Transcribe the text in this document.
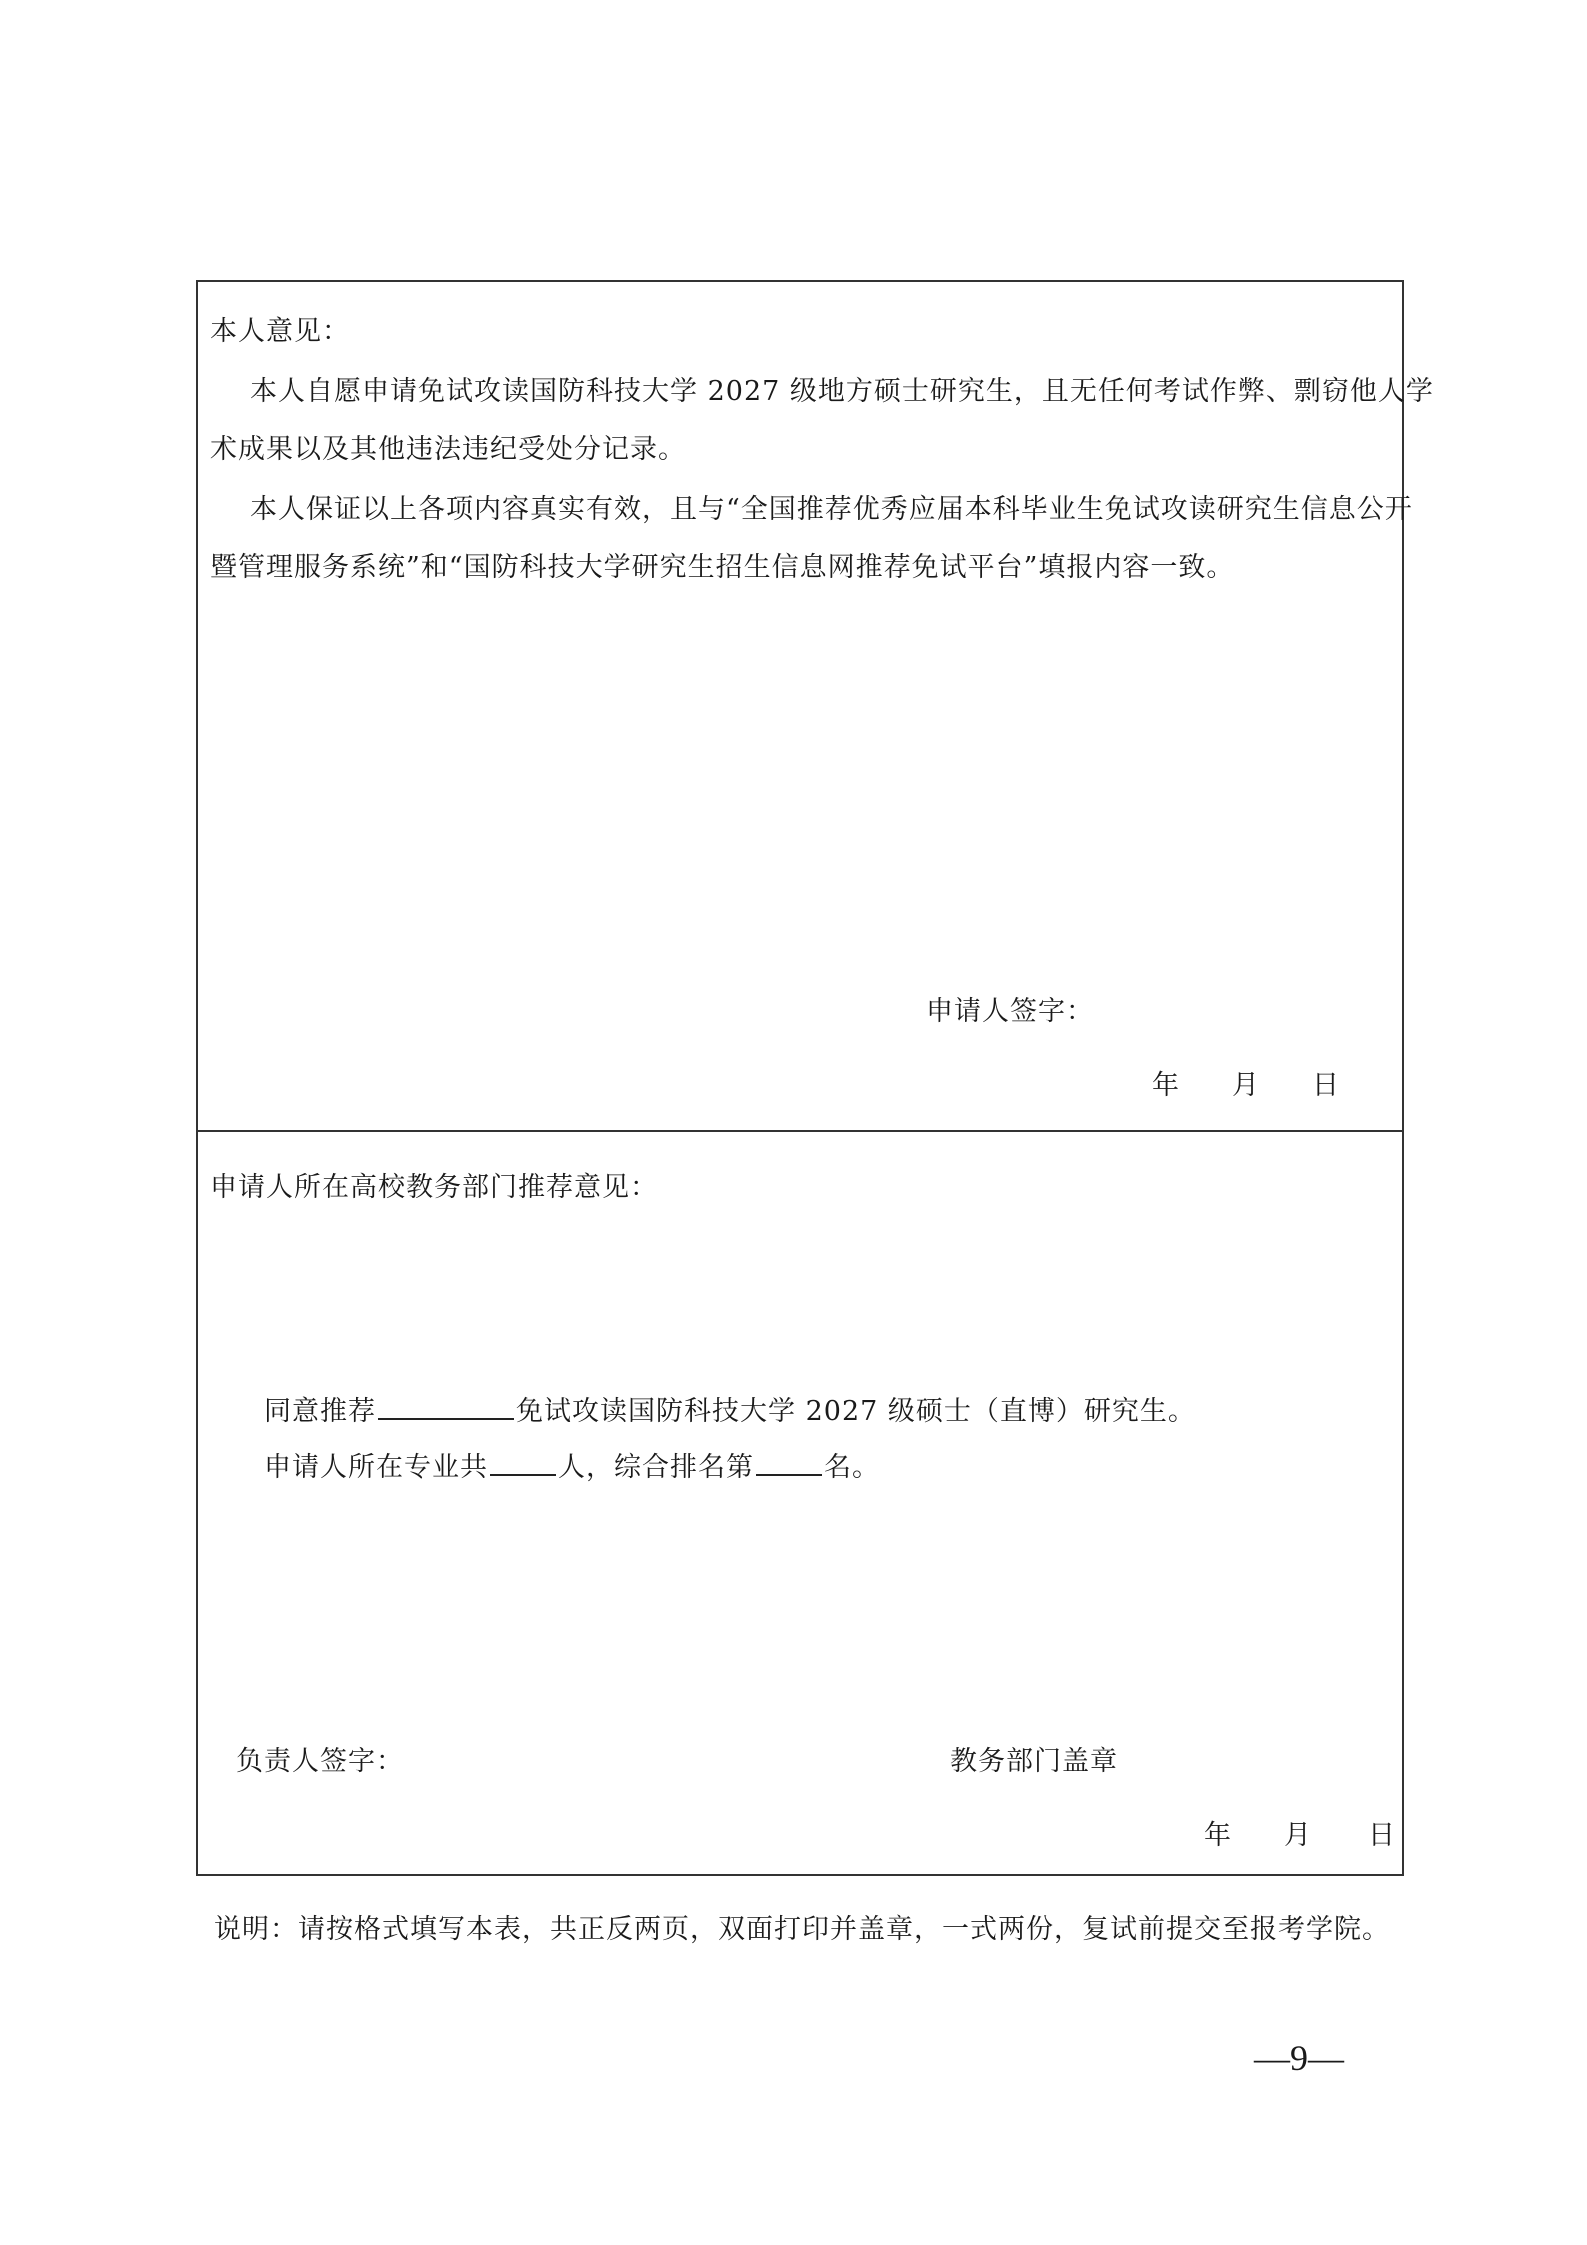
本人意见：
本人自愿申请免试攻读国防科技大学 2027 级地方硕士研究生，且无任何考试作弊、剽窃他人学
术成果以及其他违法违纪受处分记录。
本人保证以上各项内容真实有效，且与“全国推荐优秀应届本科毕业生免试攻读研究生信息公开
暨管理服务系统”和“国防科技大学研究生招生信息网推荐免试平台”填报内容一致。
申请人签字：
年 月 日
申请人所在高校教务部门推荐意见：
同意推荐	免试攻读国防科技大学 2027 级硕士（直博）研究生。
申请人所在专业共	人，综合排名第	名。
负责人签字：	教务部门盖章
年 月 日
说明：请按格式填写本表，共正反两页，双面打印并盖章，一式两份，复试前提交至报考学院。
—9—
